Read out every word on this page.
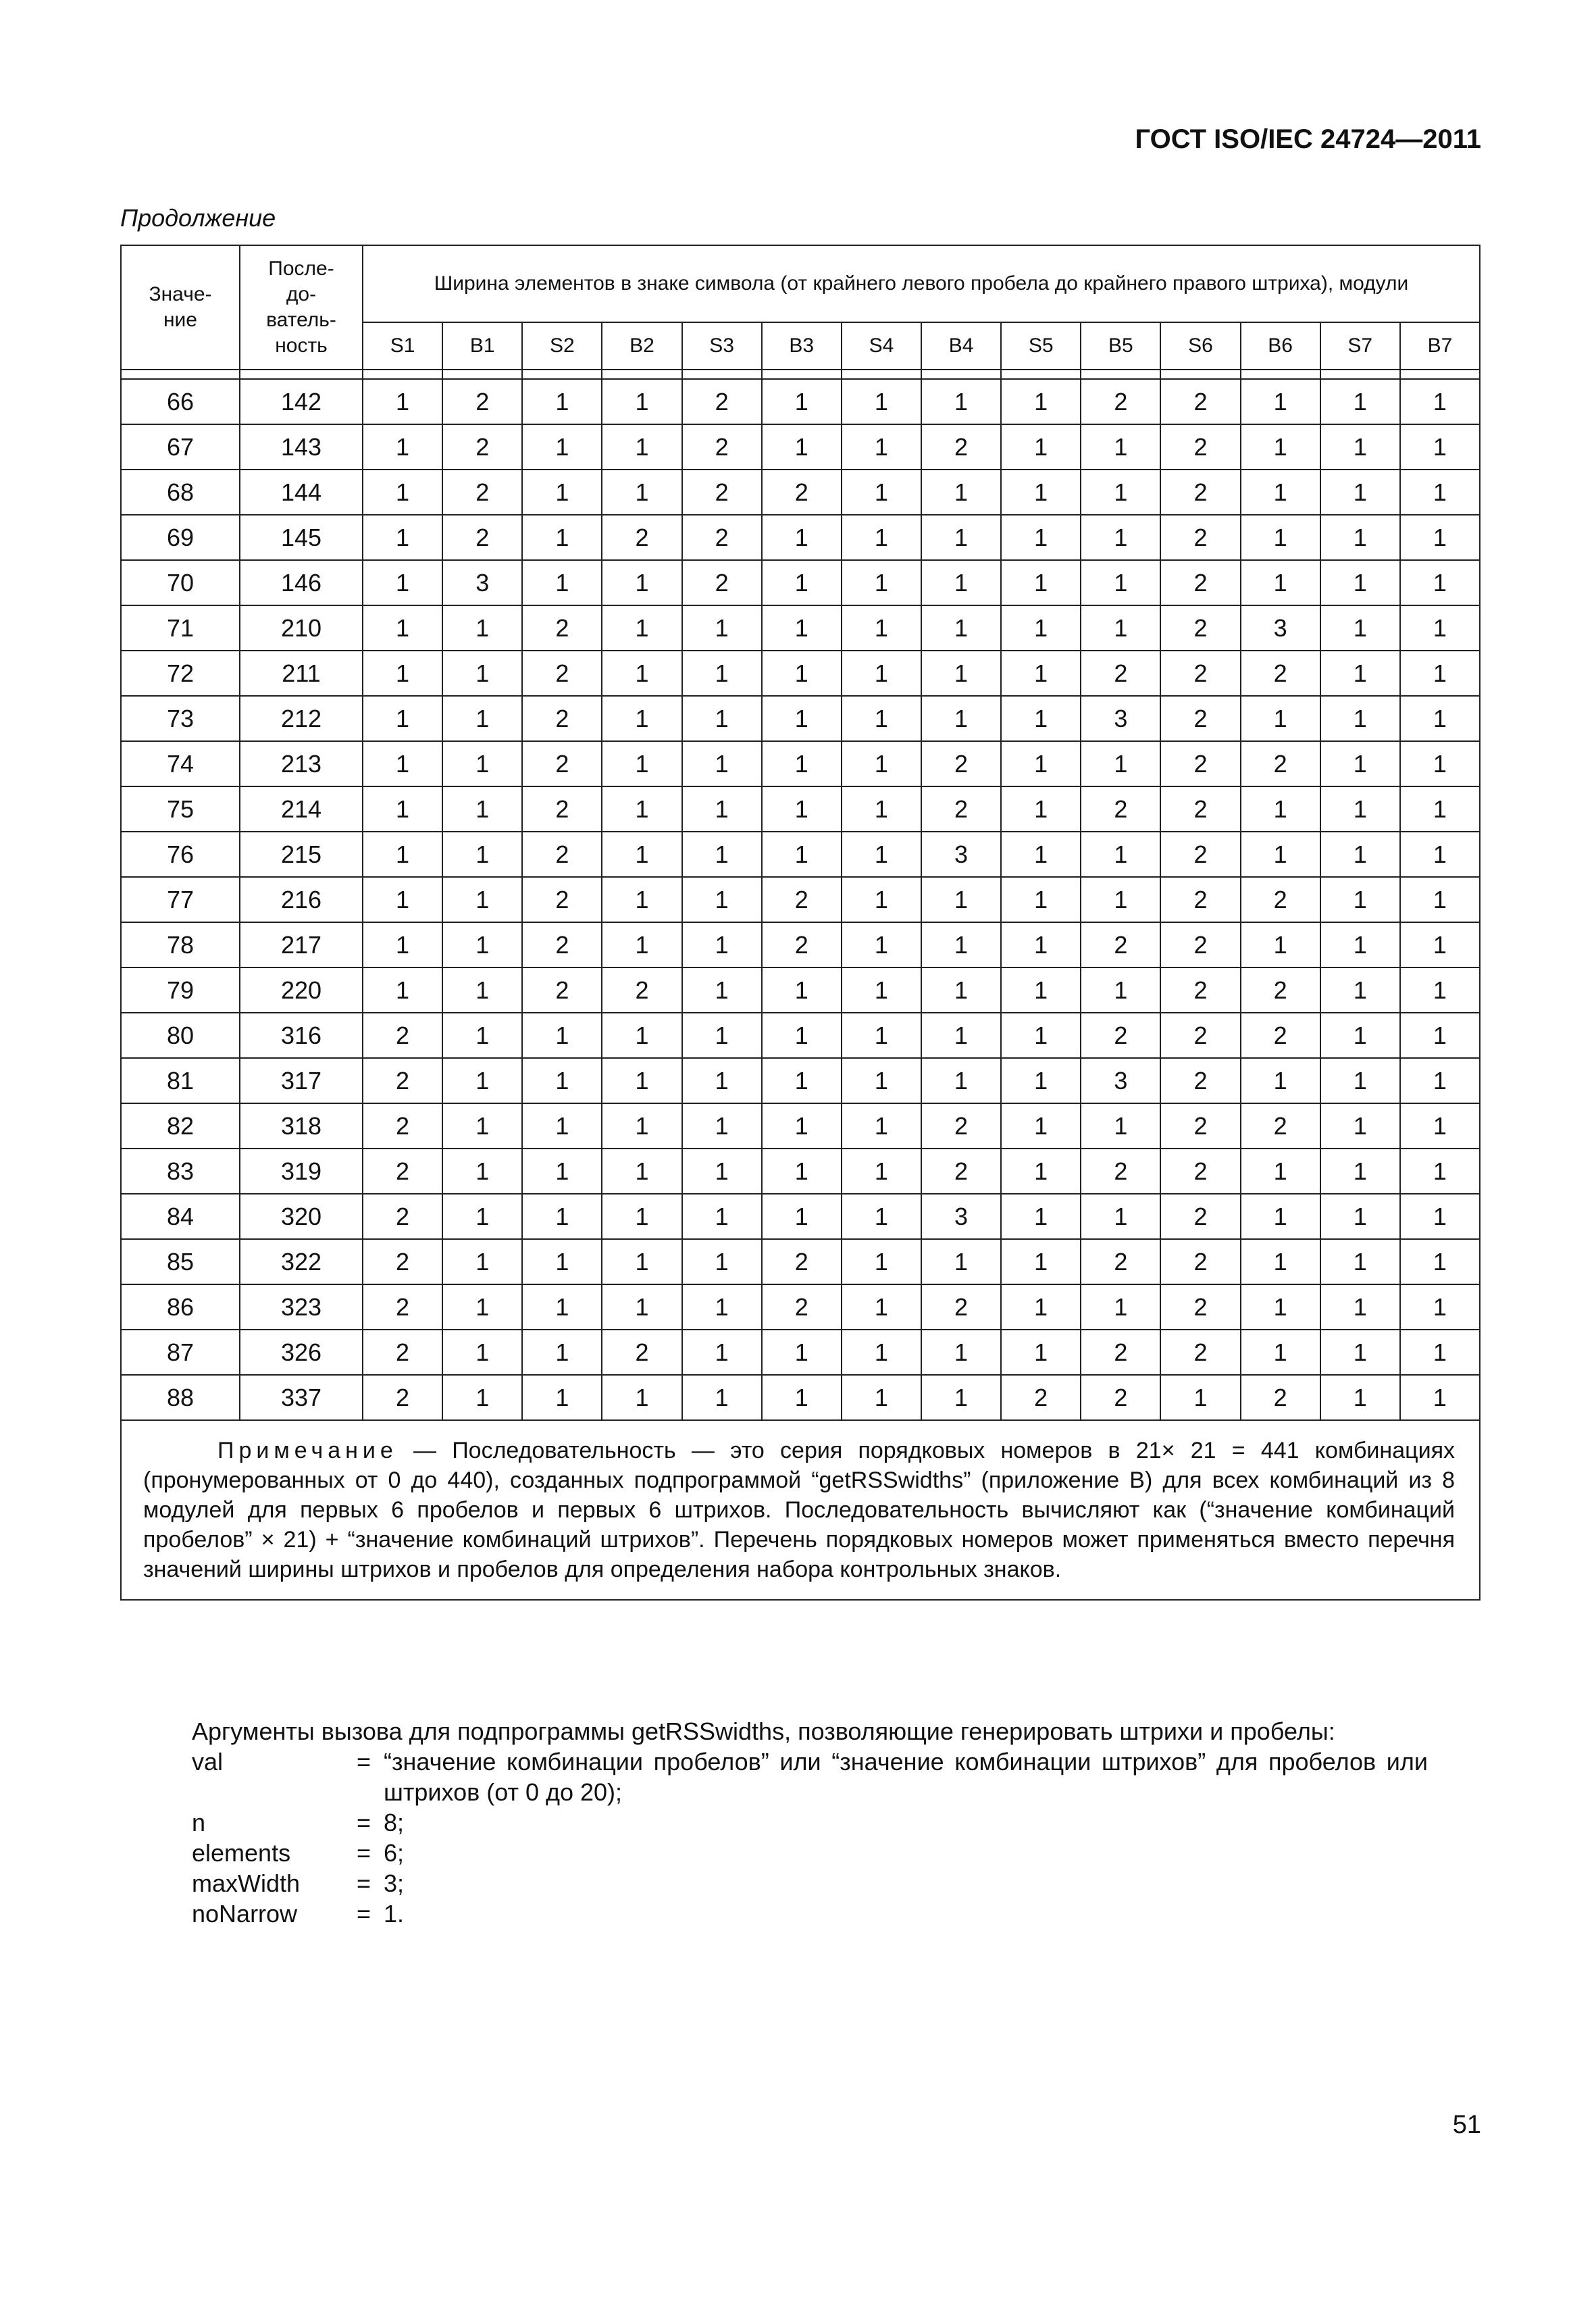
ГОСТ ISO/IEC 24724—2011
Продолжение
Значе-
ние	После-
до-
ватель-
ность	Ширина элементов в знаке символа (от крайнего левого пробела до крайнего правого штриха), модули													
		S1	B1	S2	B2	S3	B3	S4	B4	S5	B5	S6	B6	S7	B7

66	142	1	2	1	1	2	1	1	1	1	2	2	1	1	1
67	143	1	2	1	1	2	1	1	2	1	1	2	1	1	1
68	144	1	2	1	1	2	2	1	1	1	1	2	1	1	1
69	145	1	2	1	2	2	1	1	1	1	1	2	1	1	1
70	146	1	3	1	1	2	1	1	1	1	1	2	1	1	1
71	210	1	1	2	1	1	1	1	1	1	1	2	3	1	1
72	211	1	1	2	1	1	1	1	1	1	2	2	2	1	1
73	212	1	1	2	1	1	1	1	1	1	3	2	1	1	1
74	213	1	1	2	1	1	1	1	2	1	1	2	2	1	1
75	214	1	1	2	1	1	1	1	2	1	2	2	1	1	1
76	215	1	1	2	1	1	1	1	3	1	1	2	1	1	1
77	216	1	1	2	1	1	2	1	1	1	1	2	2	1	1
78	217	1	1	2	1	1	2	1	1	1	2	2	1	1	1
79	220	1	1	2	2	1	1	1	1	1	1	2	2	1	1
80	316	2	1	1	1	1	1	1	1	1	2	2	2	1	1
81	317	2	1	1	1	1	1	1	1	1	3	2	1	1	1
82	318	2	1	1	1	1	1	1	2	1	1	2	2	1	1
83	319	2	1	1	1	1	1	1	2	1	2	2	1	1	1
84	320	2	1	1	1	1	1	1	3	1	1	2	1	1	1
85	322	2	1	1	1	1	2	1	1	1	2	2	1	1	1
86	323	2	1	1	1	1	2	1	2	1	1	2	1	1	1
87	326	2	1	1	2	1	1	1	1	1	2	2	1	1	1
88	337	2	1	1	1	1	1	1	1	2	2	1	2	1	1
Примечание — Последовательность — это серия порядковых номеров в 21× 21 = 441 комбинациях (пронумерованных от 0 до 440), созданных подпрограммой “getRSSwidths” (приложение В) для всех комбинаций из 8 модулей для первых 6 пробелов и первых 6 штрихов. Последовательность вычисляют как (“значение комбинаций пробелов” × 21) + “значение комбинаций штрихов”. Перечень порядковых номеров может применяться вместо перечня значений ширины штрихов и пробелов для определения набора контрольных знаков.															
Аргументы вызова для подпрограммы getRSSwidths, позволяющие генерировать штрихи и пробелы:
val	= “значение комбинации пробелов” или “значение комбинации штрихов” для пробелов или штрихов (от 0 до 20);
n	= 8;
elements	= 6;
maxWidth	= 3;
noNarrow	= 1.
51
